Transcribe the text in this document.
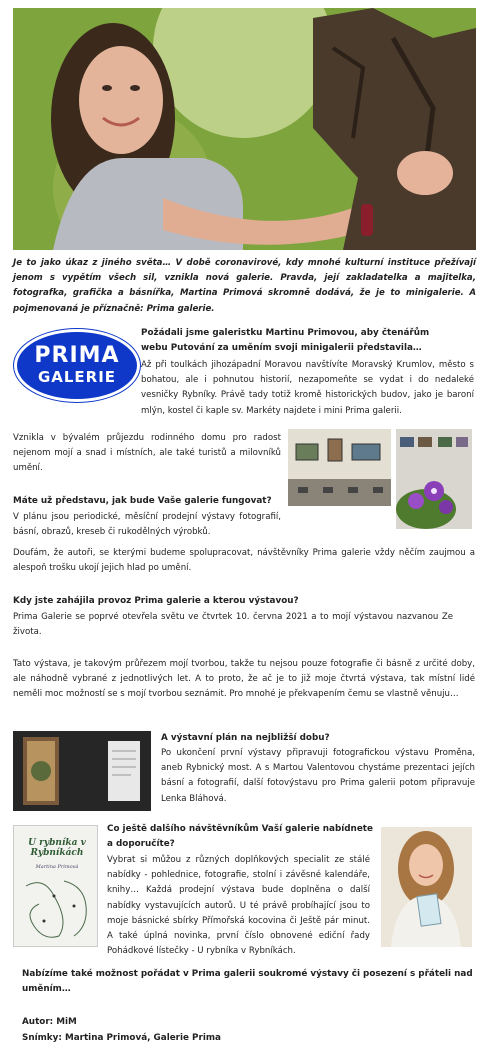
Je to jako úkaz z jiného světa… V době coronavirové, kdy mnohé kulturní instituce přežívají jenom s vypětím všech sil, vznikla nová galerie. Pravda, její zakladatelka a majitelka, fotografka, grafička a básnířka, Martina Primová skromně dodává, že je to minigalerie. A pojmenovaná je příznačně: Prima galerie.
PRIMA
GALERIE
Požádali jsme galeristku Martinu Primovou, aby čtenářům webu Putování za uměním svoji minigalerii představila…
Až při toulkách jihozápadní Moravou navštívíte Moravský Krumlov, město s bohatou, ale i pohnutou historií, nezapomeňte se vydat i do nedaleké vesničky Rybníky. Právě tady totiž kromě historických budov, jako je baroní mlýn, kostel či kaple sv. Markéty najdete i mini Prima galerii.
Vznikla v bývalém průjezdu rodinného domu pro radost nejenom mojí a snad i místních, ale také turistů a milovníků umění.
Máte už představu, jak bude Vaše galerie fungovat?
V plánu jsou periodické, měsíční prodejní výstavy fotografií, básní, obrazů, kreseb či rukodělných výrobků.
Doufám, že autoři, se kterými budeme spolupracovat, návštěvníky Prima galerie vždy něčím zaujmou a alespoň trošku ukojí jejich hlad po umění.
Kdy jste zahájila provoz Prima galerie a kterou výstavou?
Prima Galerie se poprvé otevřela světu ve čtvrtek 10. června 2021 a to mojí výstavou nazvanou Ze života.
Tato výstava, je takovým průřezem mojí tvorbou, takže tu nejsou pouze fotografie či básně z určité doby, ale náhodně vybrané z jednotlivých let. A to proto, že ač je to již moje čtvrtá výstava, tak místní lidé neměli moc možností se s mojí tvorbou seznámit. Pro mnohé je překvapením čemu se vlastně věnuju…
A výstavní plán na nejbližší dobu?
Po ukončení první výstavy připravuji fotografickou výstavu Proměna, aneb Rybnický most. A s Martou Valentovou chystáme prezentaci jejích básní a fotografií, další fotovýstavu pro Prima galerii potom připravuje Lenka Bláhová.
U rybníka v Rybníkách
Martina Primová
Co ještě dalšího návštěvníkům Vaší galerie nabídnete a doporučíte?
Vybrat si můžou z různých doplňkových specialit ze stálé nabídky - pohlednice, fotografie, stolní i závěsné kalendáře, knihy… Každá prodejní výstava bude doplněna o další nabídky vystavujících autorů. U té právě probíhající jsou to moje básnické sbírky Přímořská kocovina či Ještě pár minut. A také úplná novinka, první číslo obnovené ediční řady Pohádkové lístečky - U rybníka v Rybníkách.
Nabízíme také možnost pořádat v Prima galerii soukromé výstavy či posezení s přáteli nad uměním…
Autor: MiM
Snímky: Martina Primová, Galerie Prima
